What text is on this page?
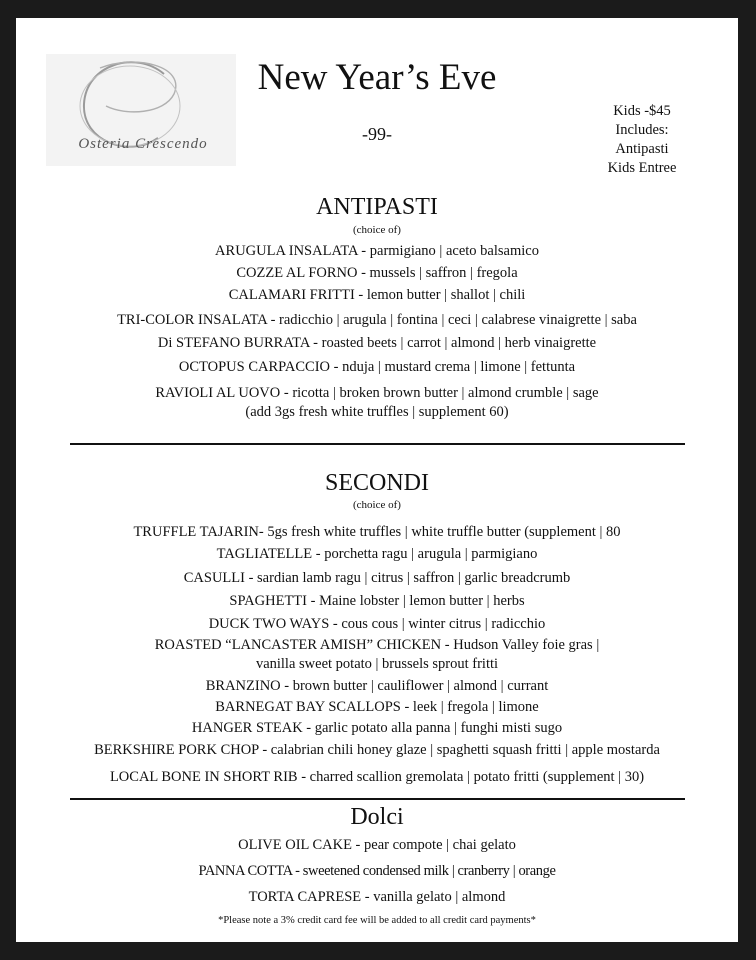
Osteria Crescendo
New Year’s Eve
-99-
Kids -$45
Includes:
Antipasti
Kids Entree
ANTIPASTI
(choice of)
ARUGULA INSALATA - parmigiano | aceto balsamico
COZZE AL FORNO - mussels | saffron | fregola
CALAMARI FRITTI - lemon butter | shallot | chili
TRI-COLOR INSALATA - radicchio | arugula | fontina | ceci | calabrese vinaigrette | saba
Di STEFANO BURRATA - roasted beets | carrot | almond | herb vinaigrette
OCTOPUS CARPACCIO - nduja | mustard crema | limone | fettunta
RAVIOLI AL UOVO - ricotta | broken brown butter | almond crumble | sage
(add 3gs fresh white truffles | supplement 60)
SECONDI
(choice of)
TRUFFLE TAJARIN- 5gs fresh white truffles | white truffle butter (supplement | 80
TAGLIATELLE - porchetta ragu | arugula | parmigiano
CASULLI - sardian lamb ragu | citrus | saffron | garlic breadcrumb
SPAGHETTI - Maine lobster | lemon butter | herbs
DUCK TWO WAYS - cous cous | winter citrus | radicchio
ROASTED “LANCASTER AMISH” CHICKEN - Hudson Valley foie gras |
vanilla sweet potato | brussels sprout fritti
BRANZINO - brown butter | cauliflower | almond | currant
BARNEGAT BAY SCALLOPS - leek | fregola | limone
HANGER STEAK - garlic potato alla panna | funghi misti sugo
BERKSHIRE PORK CHOP - calabrian chili honey glaze | spaghetti squash fritti | apple mostarda
LOCAL BONE IN SHORT RIB - charred scallion gremolata | potato fritti (supplement | 30)
Dolci
OLIVE OIL CAKE - pear compote | chai gelato
PANNA COTTA - sweetened condensed milk | cranberry | orange
TORTA CAPRESE - vanilla gelato | almond
*Please note a 3% credit card fee will be added to all credit card payments*
